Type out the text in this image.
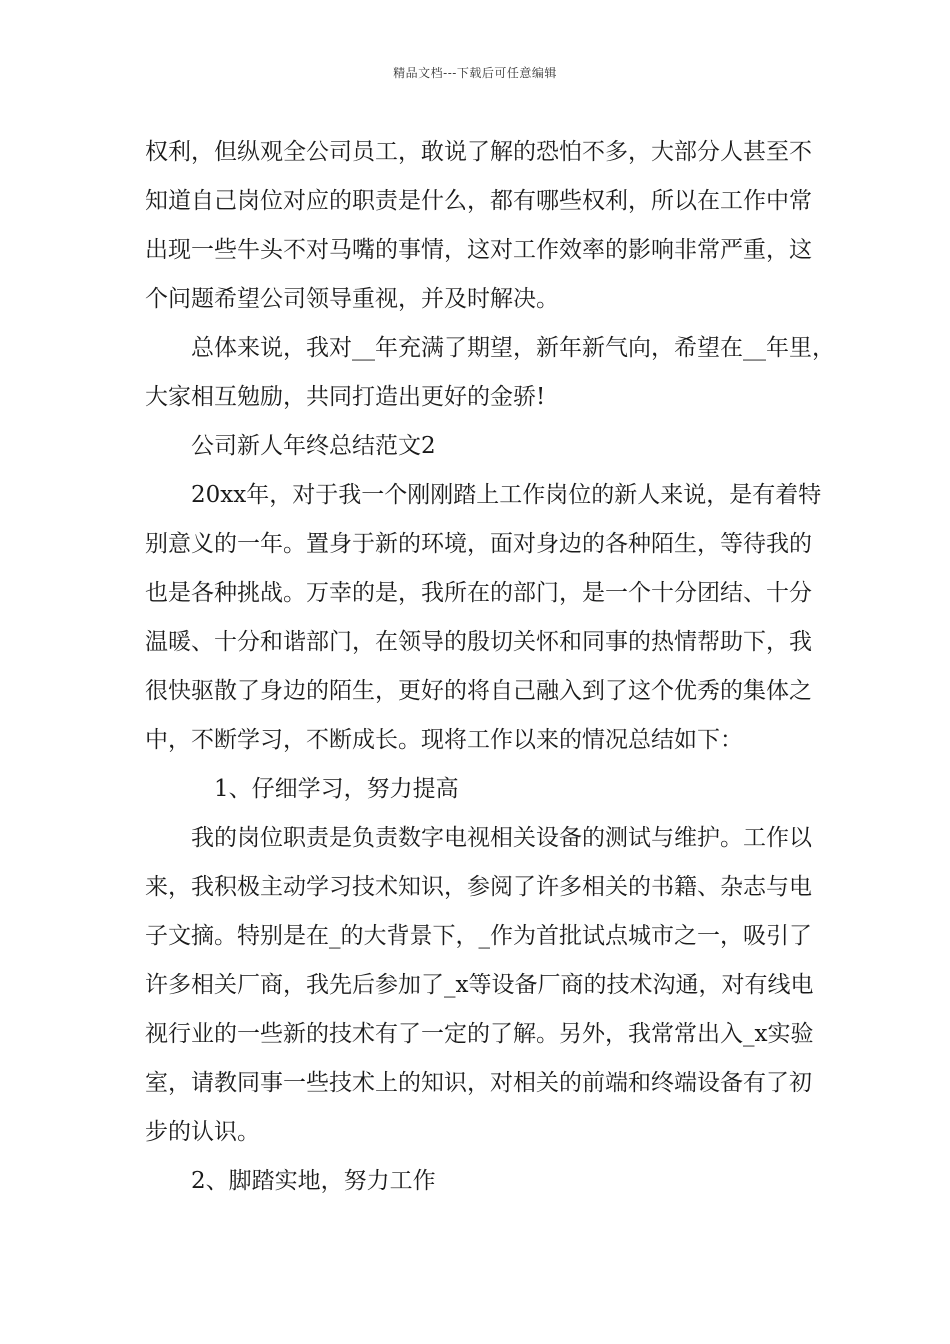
精品文档---下载后可任意编辑
权利，但纵观全公司员工，敢说了解的恐怕不多，大部分人甚至不
知道自己岗位对应的职责是什么，都有哪些权利，所以在工作中常
出现一些牛头不对马嘴的事情，这对工作效率的影响非常严重，这
个问题希望公司领导重视，并及时解决。
总体来说，我对__年充满了期望，新年新气向，希望在__年里，
大家相互勉励，共同打造出更好的金骄!
公司新人年终总结范文2
20xx年，对于我一个刚刚踏上工作岗位的新人来说，是有着特
别意义的一年。置身于新的环境，面对身边的各种陌生，等待我的
也是各种挑战。万幸的是，我所在的部门，是一个十分团结、十分
温暖、十分和谐部门，在领导的殷切关怀和同事的热情帮助下，我
很快驱散了身边的陌生，更好的将自己融入到了这个优秀的集体之
中，不断学习，不断成长。现将工作以来的情况总结如下：
1、仔细学习，努力提高
我的岗位职责是负责数字电视相关设备的测试与维护。工作以
来，我积极主动学习技术知识，参阅了许多相关的书籍、杂志与电
子文摘。特别是在_的大背景下，_作为首批试点城市之一，吸引了
许多相关厂商，我先后参加了_x等设备厂商的技术沟通，对有线电
视行业的一些新的技术有了一定的了解。另外，我常常出入_x实验
室，请教同事一些技术上的知识，对相关的前端和终端设备有了初
步的认识。
2、脚踏实地，努力工作
